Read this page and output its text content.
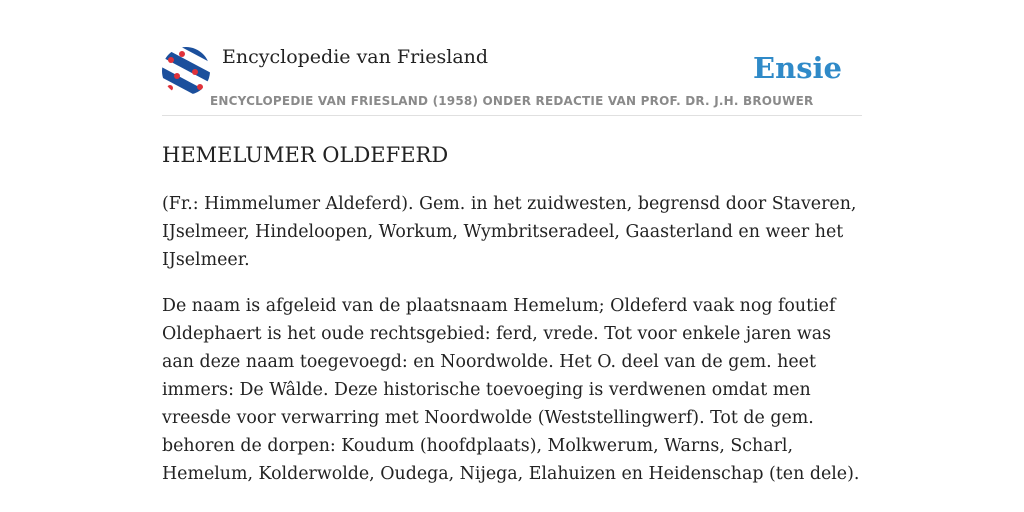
Encyclopedie van Friesland
ENCYCLOPEDIE VAN FRIESLAND (1958) ONDER REDACTIE VAN PROF. DR. J.H. BROUWER
Ensie
HEMELUMER OLDEFERD

(Fr.: Himmelumer Aldeferd). Gem. in het zuidwesten, begrensd door Staveren, IJselmeer, Hindeloopen, Workum, Wymbritseradeel, Gaasterland en weer het IJselmeer.

De naam is afgeleid van de plaatsnaam Hemelum; Oldeferd vaak nog foutief Oldephaert is het oude rechtsgebied: ferd, vrede. Tot voor enkele jaren was aan deze naam toegevoegd: en Noordwolde. Het O. deel van de gem. heet immers: De Wâlde. Deze historische toevoeging is verdwenen omdat men vreesde voor verwarring met Noordwolde (Weststellingwerf). Tot de gem. behoren de dorpen: Koudum (hoofdplaats), Molkwerum, Warns, Scharl, Hemelum, Kolderwolde, Oudega, Nijega, Elahuizen en Heidenschap (ten dele).
